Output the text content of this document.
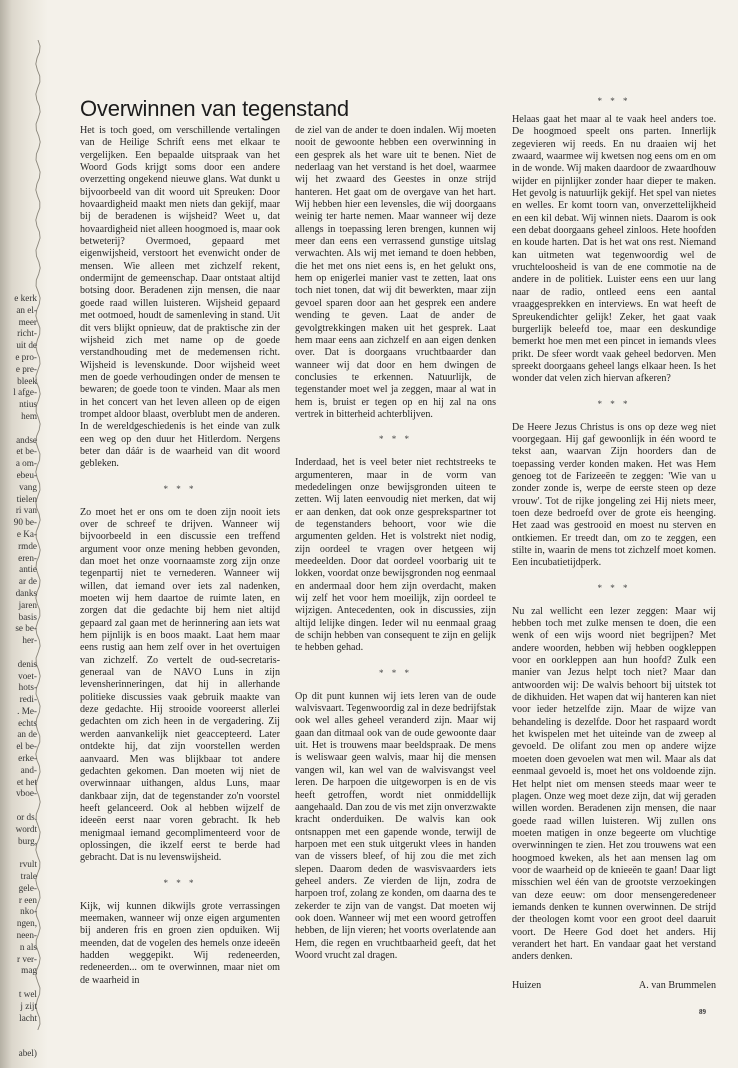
e kerk
an el-
meer
richt-
uit de
e pro-
e pre-
bleek
l afge-
ntius
hem
andse
et be-
a om-
ebeu-
vang
tielen
ri van
90 be-
e Ka-
rmde
eren-
antie
ar de
danks
jaren
basis
se be-
her-
denis
voet-
hots-
redi-
. Me-
echts
an de
el be-
erke-
and-
et het
vboe-
or ds.
wordt
burg,
rvult
trale
gele-
r een
nko-
ngen,
neen-
n als
r ver-
mag
t wel
j zijt
lacht
abel)
Overwinnen van tegenstand

Het is toch goed, om verschillende vertalingen van de Heilige Schrift eens met elkaar te vergelijken. Een bepaalde uitspraak van het Woord Gods krijgt soms door een andere overzetting ongekend nieuwe glans. Wat dunkt u bijvoorbeeld van dit woord uit Spreuken: Door hovaardigheid maakt men niets dan gekijf, maar bij de beradenen is wijsheid? Weet u, dat hovaardigheid niet alleen hoogmoed is, maar ook betweterij? Overmoed, gepaard met eigenwijsheid, verstoort het evenwicht onder de mensen. Wie alleen met zichzelf rekent, ondermijnt de gemeenschap. Daar ontstaat altijd botsing door. Beradenen zijn mensen, die naar goede raad willen luisteren. Wijsheid gepaard met ootmoed, houdt de samenleving in stand. Uit dit vers blijkt opnieuw, dat de praktische zin der wijsheid zich met name op de goede verstandhouding met de medemensen richt. Wijsheid is levenskunde. Door wijsheid weet men de goede verhoudingen onder de mensen te bewaren; de goede toon te vinden. Maar als men in het concert van het leven alleen op de eigen trompet aldoor blaast, overblubt men de anderen. In de wereldgeschiedenis is het einde van zulk een weg op den duur het Hitlerdom. Nergens beter dan dáár is de waarheid van dit woord gebleken.

* * *

Zo moet het er ons om te doen zijn nooit iets over de schreef te drijven. Wanneer wij bijvoorbeeld in een discussie een treffend argument voor onze mening hebben gevonden, dan moet het onze voornaamste zorg zijn onze tegenpartij niet te vernederen. Wanneer wij willen, dat iemand over iets zal nadenken, moeten wij hem daartoe de ruimte laten, en zorgen dat die gedachte bij hem niet altijd gepaard zal gaan met de herinnering aan iets wat hem pijnlijk is en boos maakt. Laat hem maar eens rustig aan hem zelf over in het overtuigen van zichzelf. Zo vertelt de oud-secretaris-generaal van de NAVO Luns in zijn levensherinneringen, dat hij in allerhande politieke discussies vaak gebruik maakte van deze gedachte. Hij strooide vooreerst allerlei gedachten om zich heen in de vergadering. Zij werden aanvankelijk niet geaccepteerd. Later ontdekte hij, dat zijn voorstellen werden aanvaard. Men was blijkbaar tot andere gedachten gekomen. Dan moeten wij niet de overwinnaar uithangen, aldus Luns, maar dankbaar zijn, dat de tegenstander zo'n voorstel heeft gelanceerd. Ook al hebben wijzelf de ideeën eerst naar voren gebracht. Ik heb menigmaal iemand gecomplimenteerd voor de oplossingen, die ikzelf eerst te berde had gebracht. Dat is nu levenswijsheid.

* * *

Kijk, wij kunnen dikwijls grote verrassingen meemaken, wanneer wij onze eigen argumenten bij anderen fris en groen zien opduiken. Wij meenden, dat de vogelen des hemels onze ideeën hadden weggepikt. Wij redeneerden, redeneerden... om te overwinnen, maar niet om de waarheid in

de ziel van de ander te doen indalen. Wij moeten nooit de gewoonte hebben een overwinning in een gesprek als het ware uit te benen. Niet de nederlaag van het verstand is het doel, waarmee wij het zwaard des Geestes in onze strijd hanteren. Het gaat om de overgave van het hart. Wij hebben hier een levensles, die wij doorgaans weinig ter harte nemen. Maar wanneer wij deze allengs in toepassing leren brengen, kunnen wij meer dan eens een verrassend gunstige uitslag verwachten. Als wij met iemand te doen hebben, die het met ons niet eens is, en het gelukt ons, hem op enigerlei manier vast te zetten, laat ons toch niet tonen, dat wij dit bewerkten, maar zijn gevoel sparen door aan het gesprek een andere wending te geven. Laat de ander de gevolgtrekkingen maken uit het gesprek. Laat hem maar eens aan zichzelf en aan eigen denken over. Dat is doorgaans vruchtbaarder dan wanneer wij dat door en hem dwingen de conclusies te erkennen. Natuurlijk, de tegenstander moet wel ja zeggen, maar al wat in hem is, bruist er tegen op en hij zal na ons vertrek in bitterheid achterblijven.

* * *

Inderdaad, het is veel beter niet rechtstreeks te argumenteren, maar in de vorm van mededelingen onze bewijsgronden uiteen te zetten. Wij laten eenvoudig niet merken, dat wij er aan denken, dat ook onze gesprekspartner tot de tegenstanders behoort, voor wie die argumenten gelden. Het is volstrekt niet nodig, zijn oordeel te vragen over hetgeen wij meedeelden. Door dat oordeel voorbarig uit te lokken, voordat onze bewijsgronden nog eenmaal en andermaal door hem zijn overdacht, maken wij zelf het voor hem moeilijk, zijn oordeel te wijzigen. Antecedenten, ook in discussies, zijn altijd lelijke dingen. Ieder wil nu eenmaal graag de schijn hebben van consequent te zijn en gelijk te hebben gehad.

* * *

Op dit punt kunnen wij iets leren van de oude walvisvaart. Tegenwoordig zal in deze bedrijfstak ook wel alles geheel veranderd zijn. Maar wij gaan dan ditmaal ook van de oude gewoonte daar uit. Het is trouwens maar beeldspraak. De mens is weliswaar geen walvis, maar hij die mensen vangen wil, kan wel van de walvisvangst veel leren. De harpoen die uitgeworpen is en de vis heeft getroffen, wordt niet onmiddellijk aangehaald. Dan zou de vis met zijn onverzwakte kracht onderduiken. De walvis kan ook ontsnappen met een gapende wonde, terwijl de harpoen met een stuk uitgerukt vlees in handen van de vissers bleef, of hij zou die met zich slepen. Daarom deden de wasvisvaarders iets geheel anders. Ze vierden de lijn, zodra de harpoen trof, zolang ze konden, om daarna des te zekerder te zijn van de vangst. Dat moeten wij ook doen. Wanneer wij met een woord getroffen hebben, de lijn vieren; het voorts overlatende aan Hem, die regen en vruchtbaarheid geeft, dat het Woord vrucht zal dragen.

* * *

Helaas gaat het maar al te vaak heel anders toe. De hoogmoed speelt ons parten. Innerlijk zegevieren wij reeds. En nu draaien wij het zwaard, waarmee wij kwetsen nog eens om en om in de wonde. Wij maken daardoor de zwaardhouw wijder en pijnlijker zonder haar dieper te maken. Het gevolg is natuurlijk gekijf. Het spel van nietes en welles. Er komt toorn van, onverzettelijkheid en een kil debat. Wij winnen niets. Daarom is ook een debat doorgaans geheel zinloos. Hete hoofden en koude harten. Dat is het wat ons rest. Niemand kan uitmeten wat tegenwoordig wel de vruchteloosheid is van de ene commotie na de andere in de politiek. Luister eens een uur lang naar de radio, ontleed eens een aantal vraaggesprekken en interviews. En wat heeft de Spreukendichter gelijk! Zeker, het gaat vaak burgerlijk beleefd toe, maar een deskundige bemerkt hoe men met een pincet in iemands vlees prikt. De sfeer wordt vaak geheel bedorven. Men spreekt doorgaans geheel langs elkaar heen. Is het wonder dat velen zich hiervan afkeren?

* * *

De Heere Jezus Christus is ons op deze weg niet voorgegaan. Hij gaf gewoonlijk in één woord te tekst aan, waarvan Zijn hoorders dan de toepassing verder konden maken. Het was Hem genoeg tot de Farizeeën te zeggen: 'Wie van u zonder zonde is, werpe de eerste steen op deze vrouw'. Tot de rijke jongeling zei Hij niets meer, toen deze bedroefd over de grote eis heenging. Het zaad was gestrooid en moest nu sterven en ontkiemen. Er treedt dan, om zo te zeggen, een stilte in, waarin de mens tot zichzelf moet komen. Een incubatietijdperk.

* * *

Nu zal wellicht een lezer zeggen: Maar wij hebben toch met zulke mensen te doen, die een wenk of een wijs woord niet begrijpen? Met andere woorden, hebben wij hebben oogkleppen voor en oorkleppen aan hun hoofd? Zulk een manier van Jezus helpt toch niet? Maar dan antwoorden wij: De walvis behoort bij uitstek tot de dikhuiden. Het wapen dat wij hanteren kan niet voor ieder hetzelfde zijn. Maar de wijze van behandeling is dezelfde. Door het raspaard wordt het kwispelen met het uiteinde van de zweep al gevoeld. De olifant zou men op andere wijze moeten doen gevoelen wat men wil. Maar als dat eenmaal gevoeld is, moet het ons voldoende zijn. Het helpt niet om mensen steeds maar weer te plagen. Onze weg moet deze zijn, dat wij geraden willen worden. Beradenen zijn mensen, die naar goede raad willen luisteren. Wij zullen ons moeten matigen in onze begeerte om vluchtige overwinningen te zien. Het zou trouwens wat een hoogmoed kweken, als het aan mensen lag om voor de waarheid op de knieeën te gaan! Daar ligt misschien wel één van de grootste verzoekingen van deze eeuw: om door mensengeredeneer iemands denken te kunnen overwinnen. De strijd der theologen komt voor een groot deel daaruit voort. De Heere God doet het anders. Hij verandert het hart. En vandaar gaat het verstand anders denken.

Huizen	A. van Brummelen
89
